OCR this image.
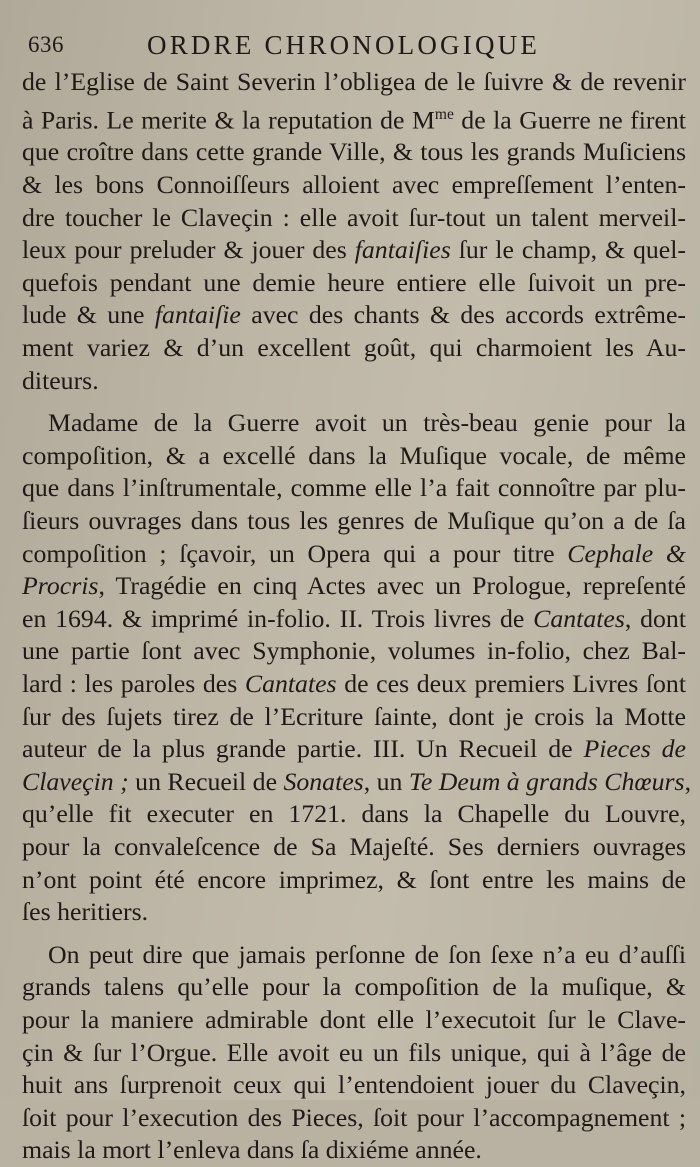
636	ORDRE CHRONOLOGIQUE
de l’Eglise de Saint Severin l’obligea de le ſuivre & de revenir
à Paris. Le merite & la reputation de $M^{me}$ de la Guerre ne firent
que croître dans cette grande Ville, & tous les grands Muſiciens
& les bons Connoiſſeurs alloient avec empreſſement l’enten-
dre toucher le Claveçin : elle avoit ſur-tout un talent merveil-
leux pour preluder & jouer des fantaiſies ſur le champ, & quel-
quefois pendant une demie heure entiere elle ſuivoit un pre-
lude & une fantaiſie avec des chants & des accords extrême-
ment variez & d’un excellent goût, qui charmoient les Au-
diteurs.
Madame de la Guerre avoit un très-beau genie pour la
compoſition, & a excellé dans la Muſique vocale, de même
que dans l’inſtrumentale, comme elle l’a fait connoître par plu-
ſieurs ouvrages dans tous les genres de Muſique qu’on a de ſa
compoſition ; ſçavoir, un Opera qui a pour titre Cephale &
Procris, Tragédie en cinq Actes avec un Prologue, repreſenté
en 1694. & imprimé in-folio. II. Trois livres de Cantates, dont
une partie ſont avec Symphonie, volumes in-folio, chez Bal-
lard : les paroles des Cantates de ces deux premiers Livres ſont
ſur des ſujets tirez de l’Ecriture ſainte, dont je crois la Motte
auteur de la plus grande partie. III. Un Recueil de Pieces de
Claveçin ; un Recueil de Sonates, un Te Deum à grands Chœurs,
qu’elle fit executer en 1721. dans la Chapelle du Louvre,
pour la convaleſcence de Sa Majeſté. Ses derniers ouvrages
n’ont point été encore imprimez, & ſont entre les mains de
ſes heritiers.
On peut dire que jamais perſonne de ſon ſexe n’a eu d’auſſi
grands talens qu’elle pour la compoſition de la muſique, &
pour la maniere admirable dont elle l’executoit ſur le Clave-
çin & ſur l’Orgue. Elle avoit eu un fils unique, qui à l’âge de
huit ans ſurprenoit ceux qui l’entendoient jouer du Claveçin,
ſoit pour l’execution des Pieces, ſoit pour l’accompagnement ;
mais la mort l’enleva dans ſa dixiéme année.
